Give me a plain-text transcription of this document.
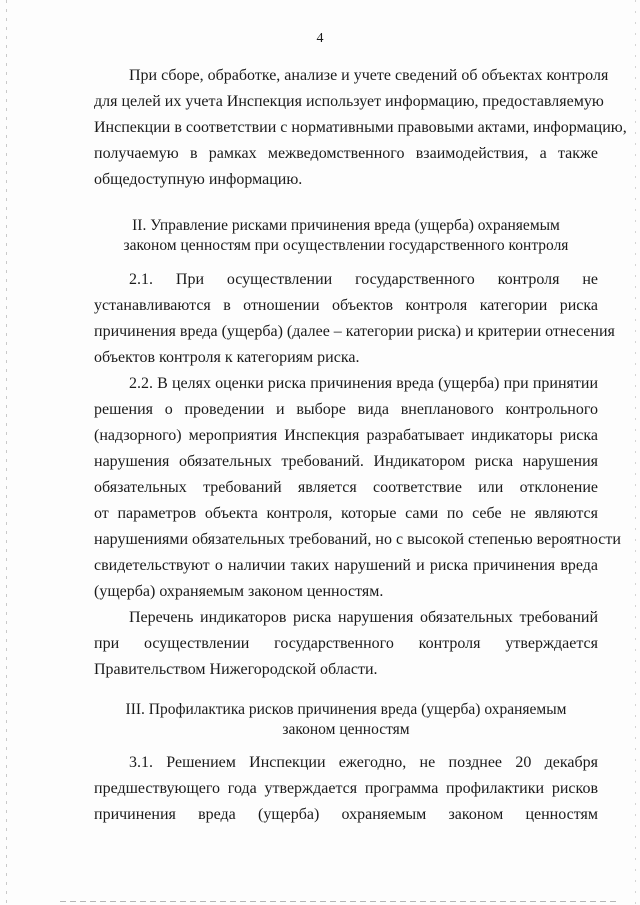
4
При сборе, обработке, анализе и учете сведений об объектах контроля
для целей их учета Инспекция использует информацию, предоставляемую
Инспекции в соответствии с нормативными правовыми актами, информацию,
получаемую в рамках межведомственного взаимодействия, а также
общедоступную информацию.
II. Управление рисками причинения вреда (ущерба) охраняемым
законом ценностям при осуществлении государственного контроля
2.1. При осуществлении государственного контроля не
устанавливаются в отношении объектов контроля категории риска
причинения вреда (ущерба) (далее – категории риска) и критерии отнесения
объектов контроля к категориям риска.
2.2. В целях оценки риска причинения вреда (ущерба) при принятии
решения о проведении и выборе вида внепланового контрольного
(надзорного) мероприятия Инспекция разрабатывает индикаторы риска
нарушения обязательных требований. Индикатором риска нарушения
обязательных требований является соответствие или отклонение
от параметров объекта контроля, которые сами по себе не являются
нарушениями обязательных требований, но с высокой степенью вероятности
свидетельствуют о наличии таких нарушений и риска причинения вреда
(ущерба) охраняемым законом ценностям.
Перечень индикаторов риска нарушения обязательных требований
при осуществлении государственного контроля утверждается
Правительством Нижегородской области.
III. Профилактика рисков причинения вреда (ущерба) охраняемым
законом ценностям
3.1. Решением Инспекции ежегодно, не позднее 20 декабря
предшествующего года утверждается программа профилактики рисков
причинения вреда (ущерба) охраняемым законом ценностям
